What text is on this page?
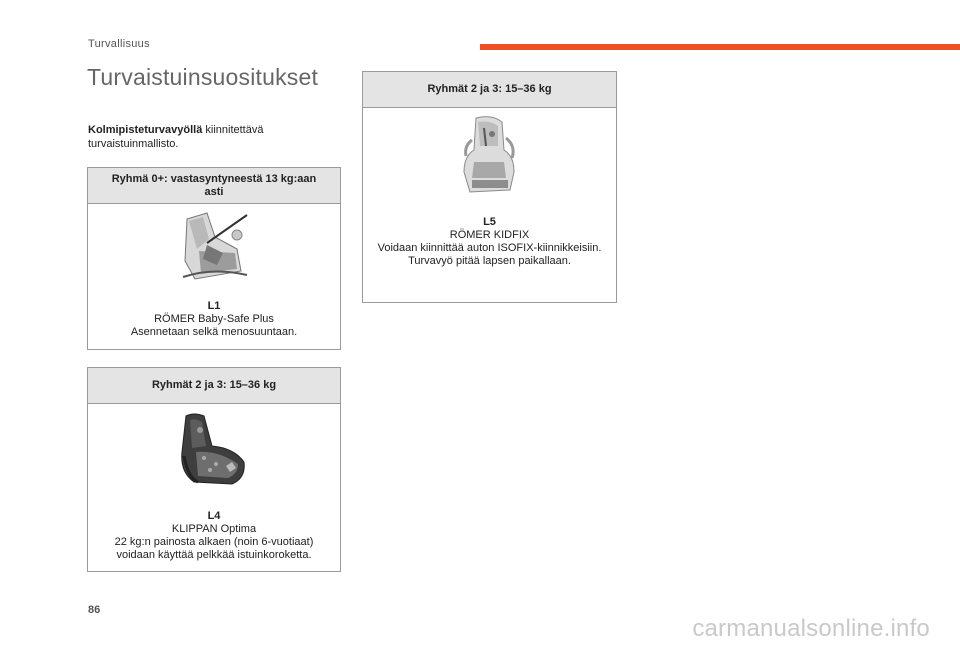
Turvallisuus
Turvaistuinsuositukset
Kolmipisteturvavyöllä kiinnitettävä turvaistuinmallisto.
Ryhmä 0+: vastasyntyneestä 13 kg:aan asti
L1
RÖMER Baby-Safe Plus
Asennetaan selkä menosuuntaan.
Ryhmät 2 ja 3: 15–36 kg
L4
KLIPPAN Optima
22 kg:n painosta alkaen (noin 6-vuotiaat) voidaan käyttää pelkkää istuinkoroketta.
Ryhmät 2 ja 3: 15–36 kg
L5
RÖMER KIDFIX
Voidaan kiinnittää auton ISOFIX-kiinnikkeisiin.
Turvavyö pitää lapsen paikallaan.
86
carmanualsonline.info
